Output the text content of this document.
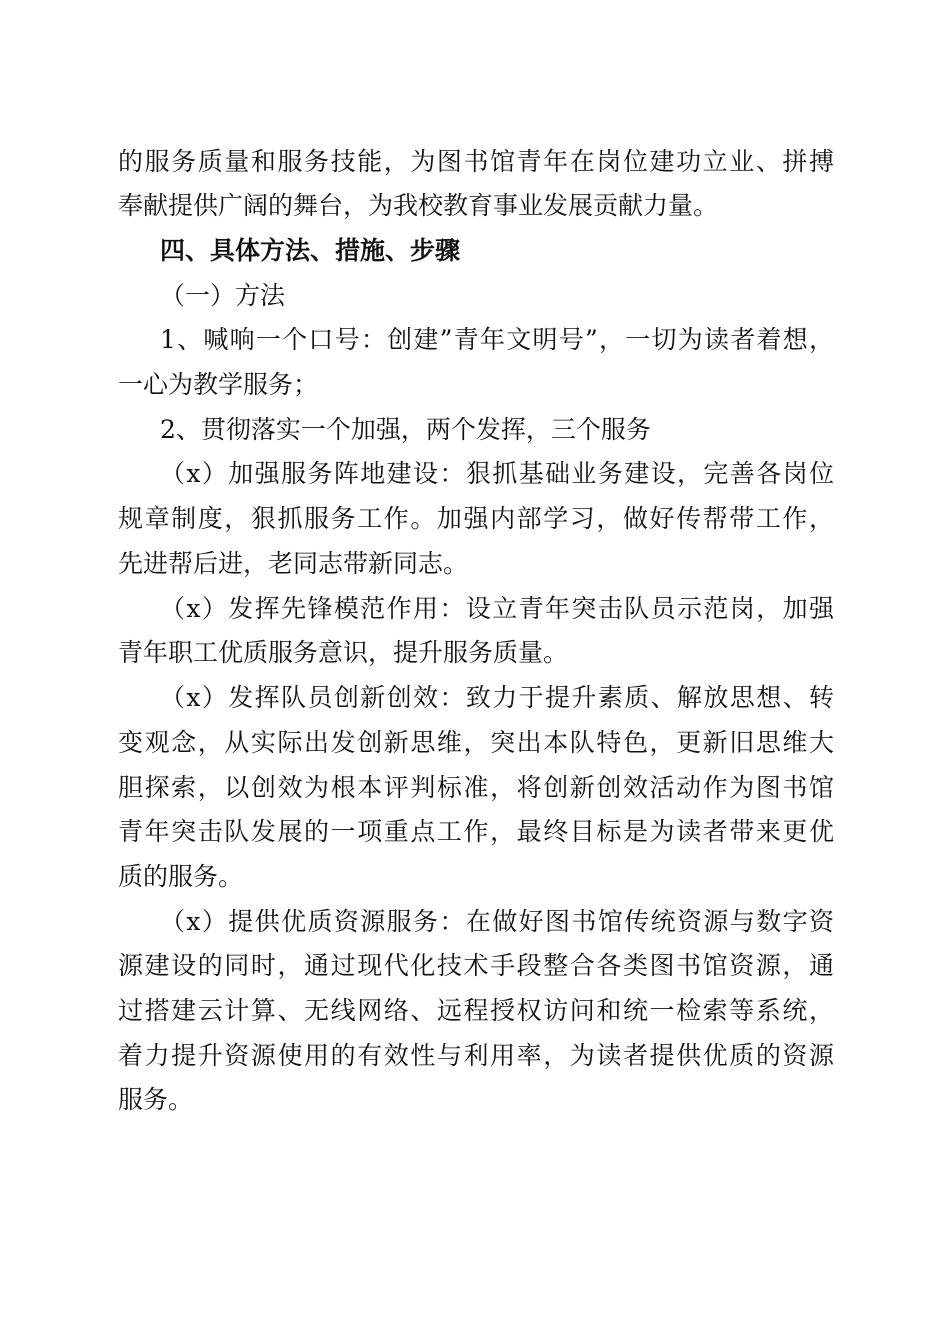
的服务质量和服务技能，为图书馆青年在岗位建功立业、拼搏
奉献提供广阔的舞台，为我校教育事业发展贡献力量。
四、具体方法、措施、步骤
（一）方法
1、喊响一个口号：创建”青年文明号”，一切为读者着想，
一心为教学服务；
2、贯彻落实一个加强，两个发挥，三个服务
（x）加强服务阵地建设：狠抓基础业务建设，完善各岗位
规章制度，狠抓服务工作。加强内部学习，做好传帮带工作，
先进帮后进，老同志带新同志。
（x）发挥先锋模范作用：设立青年突击队员示范岗，加强
青年职工优质服务意识，提升服务质量。
（x）发挥队员创新创效：致力于提升素质、解放思想、转
变观念，从实际出发创新思维，突出本队特色，更新旧思维大
胆探索，以创效为根本评判标准，将创新创效活动作为图书馆
青年突击队发展的一项重点工作，最终目标是为读者带来更优
质的服务。
（x）提供优质资源服务：在做好图书馆传统资源与数字资
源建设的同时，通过现代化技术手段整合各类图书馆资源，通
过搭建云计算、无线网络、远程授权访问和统一检索等系统，
着力提升资源使用的有效性与利用率，为读者提供优质的资源
服务。
